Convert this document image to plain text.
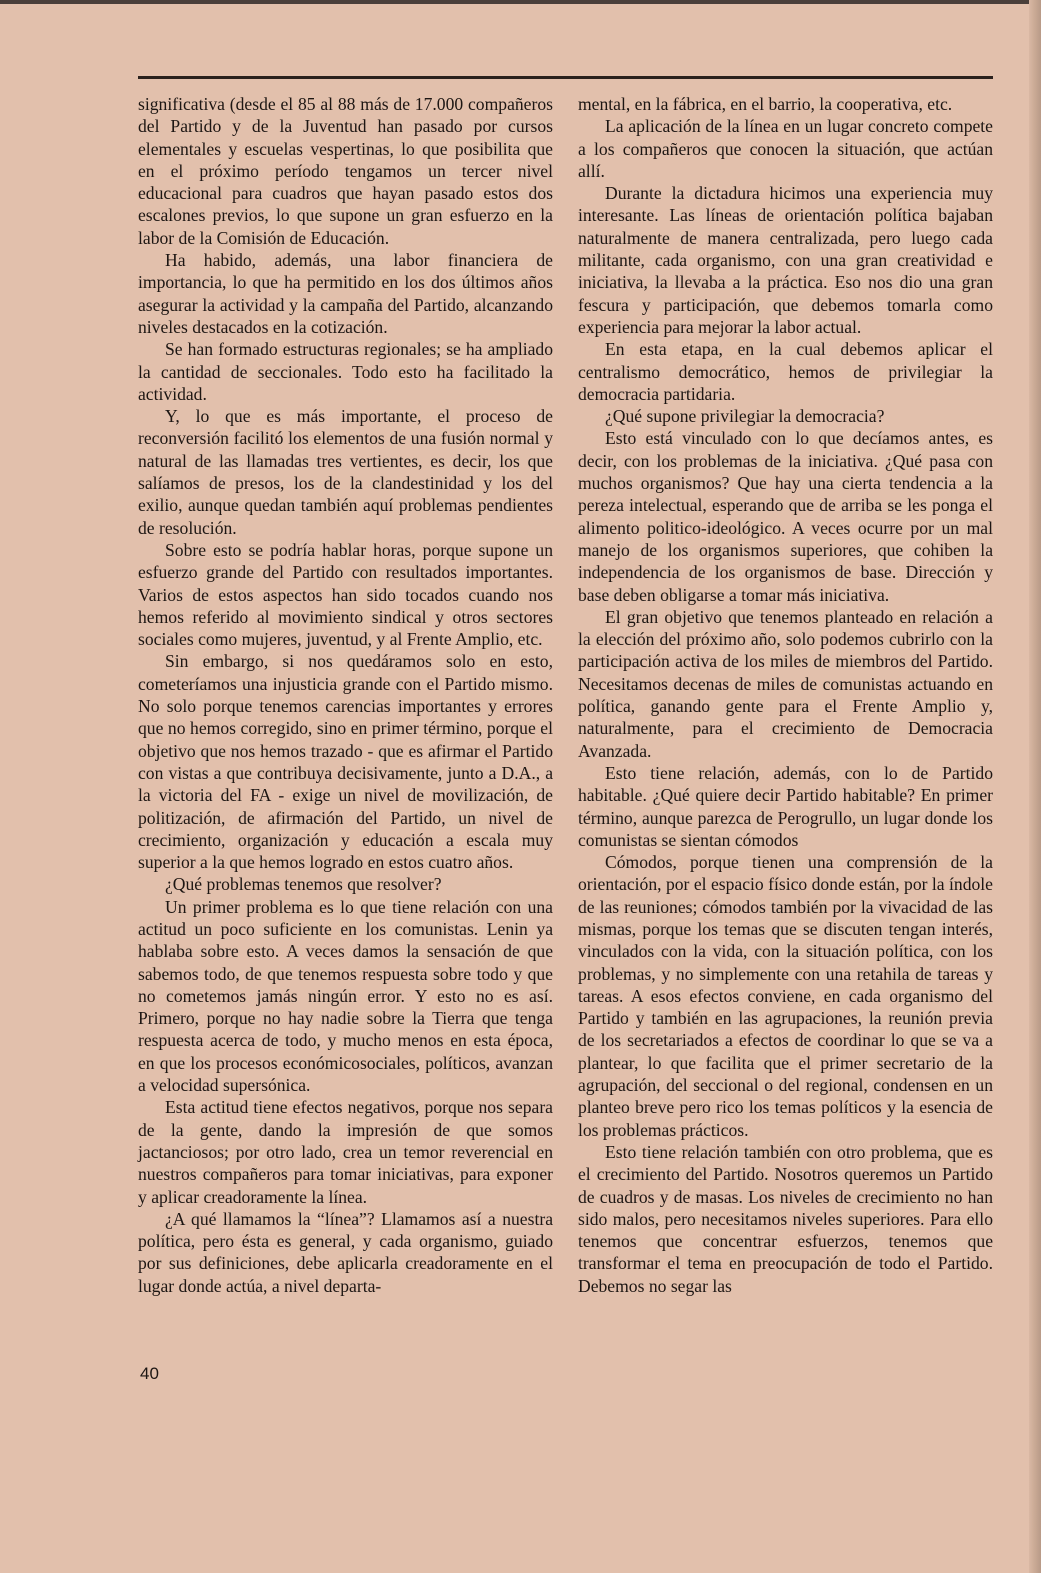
significativa (desde el 85 al 88 más de 17.000 compañeros del Partido y de la Juventud han pasado por cursos elementales y escuelas vespertinas, lo que posibilita que en el próximo período tengamos un tercer nivel educacional para cuadros que hayan pasado estos dos escalones previos, lo que supone un gran esfuerzo en la labor de la Comisión de Educación.

Ha habido, además, una labor financiera de importancia, lo que ha permitido en los dos últimos años asegurar la actividad y la campaña del Partido, alcanzando niveles destacados en la cotización.

Se han formado estructuras regionales; se ha ampliado la cantidad de seccionales. Todo esto ha facilitado la actividad.

Y, lo que es más importante, el proceso de reconversión facilitó los elementos de una fusión normal y natural de las llamadas tres vertientes, es decir, los que salíamos de presos, los de la clandestinidad y los del exilio, aunque quedan también aquí problemas pendientes de resolución.

Sobre esto se podría hablar horas, porque supone un esfuerzo grande del Partido con resultados importantes. Varios de estos aspectos han sido tocados cuando nos hemos referido al movimiento sindical y otros sectores sociales como mujeres, juventud, y al Frente Amplio, etc.

Sin embargo, si nos quedáramos solo en esto, cometeríamos una injusticia grande con el Partido mismo. No solo porque tenemos carencias importantes y errores que no hemos corregido, sino en primer término, porque el objetivo que nos hemos trazado - que es afirmar el Partido con vistas a que contribuya decisivamente, junto a D.A., a la victoria del FA - exige un nivel de movilización, de politización, de afirmación del Partido, un nivel de crecimiento, organización y educación a escala muy superior a la que hemos logrado en estos cuatro años.

¿Qué problemas tenemos que resolver?

Un primer problema es lo que tiene relación con una actitud un poco suficiente en los comunistas. Lenin ya hablaba sobre esto. A veces damos la sensación de que sabemos todo, de que tenemos respuesta sobre todo y que no cometemos jamás ningún error. Y esto no es así. Primero, porque no hay nadie sobre la Tierra que tenga respuesta acerca de todo, y mucho menos en esta época, en que los procesos económicosociales, políticos, avanzan a velocidad supersónica.

Esta actitud tiene efectos negativos, porque nos separa de la gente, dando la impresión de que somos jactanciosos; por otro lado, crea un temor reverencial en nuestros compañeros para tomar iniciativas, para exponer y aplicar creadoramente la línea.

¿A qué llamamos la “línea”? Llamamos así a nuestra política, pero ésta es general, y cada organismo, guiado por sus definiciones, debe aplicarla creadoramente en el lugar donde actúa, a nivel departa-

mental, en la fábrica, en el barrio, la cooperativa, etc.

La aplicación de la línea en un lugar concreto compete a los compañeros que conocen la situación, que actúan allí.

Durante la dictadura hicimos una experiencia muy interesante. Las líneas de orientación política bajaban naturalmente de manera centralizada, pero luego cada militante, cada organismo, con una gran creatividad e iniciativa, la llevaba a la práctica. Eso nos dio una gran fescura y participación, que debemos tomarla como experiencia para mejorar la labor actual.

En esta etapa, en la cual debemos aplicar el centralismo democrático, hemos de privilegiar la democracia partidaria.

¿Qué supone privilegiar la democracia?

Esto está vinculado con lo que decíamos antes, es decir, con los problemas de la iniciativa. ¿Qué pasa con muchos organismos? Que hay una cierta tendencia a la pereza intelectual, esperando que de arriba se les ponga el alimento politico-ideológico. A veces ocurre por un mal manejo de los organismos superiores, que cohiben la independencia de los organismos de base. Dirección y base deben obligarse a tomar más iniciativa.

El gran objetivo que tenemos planteado en relación a la elección del próximo año, solo podemos cubrirlo con la participación activa de los miles de miembros del Partido. Necesitamos decenas de miles de comunistas actuando en política, ganando gente para el Frente Amplio y, naturalmente, para el crecimiento de Democracia Avanzada.

Esto tiene relación, además, con lo de Partido habitable. ¿Qué quiere decir Partido habitable? En primer término, aunque parezca de Perogrullo, un lugar donde los comunistas se sientan cómodos

Cómodos, porque tienen una comprensión de la orientación, por el espacio físico donde están, por la índole de las reuniones; cómodos también por la vivacidad de las mismas, porque los temas que se discuten tengan interés, vinculados con la vida, con la situación política, con los problemas, y no simplemente con una retahila de tareas y tareas. A esos efectos conviene, en cada organismo del Partido y también en las agrupaciones, la reunión previa de los secretariados a efectos de coordinar lo que se va a plantear, lo que facilita que el primer secretario de la agrupación, del seccional o del regional, condensen en un planteo breve pero rico los temas políticos y la esencia de los problemas prácticos.

Esto tiene relación también con otro problema, que es el crecimiento del Partido. Nosotros queremos un Partido de cuadros y de masas. Los niveles de crecimiento no han sido malos, pero necesitamos niveles superiores. Para ello tenemos que concentrar esfuerzos, tenemos que transformar el tema en preocupación de todo el Partido. Debemos no segar las

40
